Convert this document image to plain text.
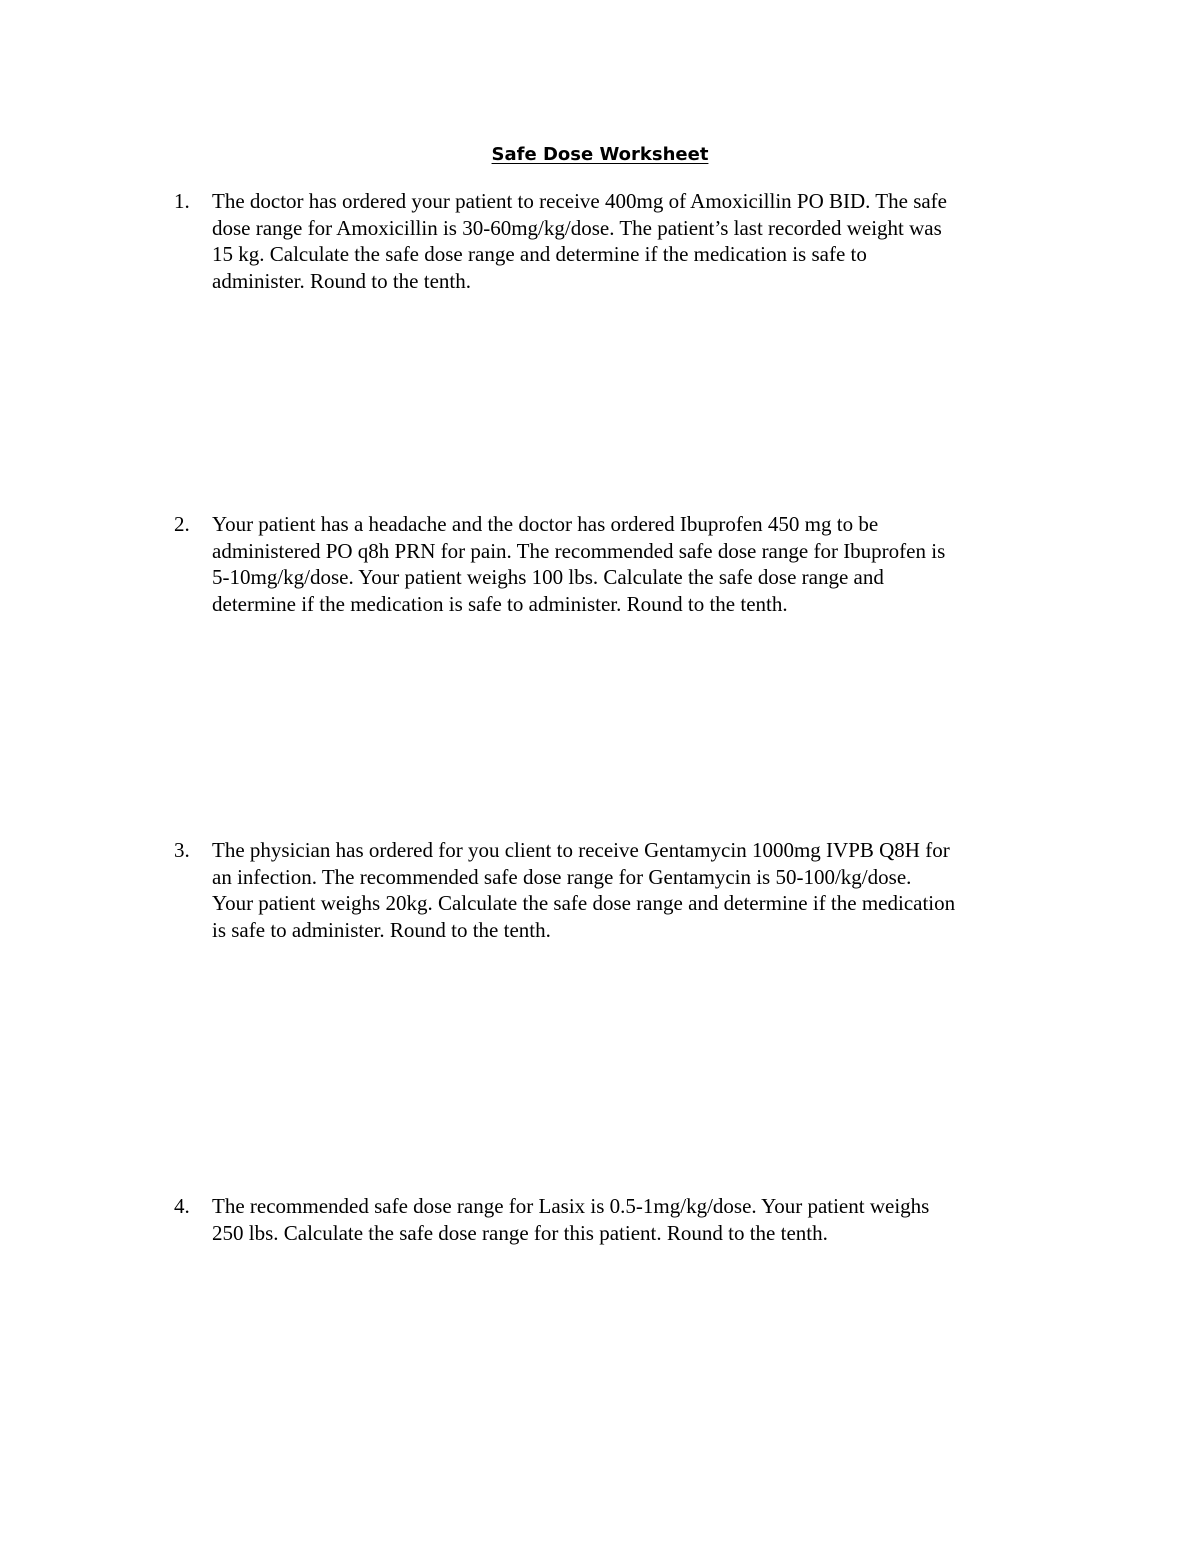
Safe Dose Worksheet
1.	The doctor has ordered your patient to receive 400mg of Amoxicillin PO BID. The safe
dose range for Amoxicillin is 30-60mg/kg/dose. The patient’s last recorded weight was
15 kg. Calculate the safe dose range and determine if the medication is safe to
administer. Round to the tenth.
2.	Your patient has a headache and the doctor has ordered Ibuprofen 450 mg to be
administered PO q8h PRN for pain. The recommended safe dose range for Ibuprofen is
5-10mg/kg/dose. Your patient weighs 100 lbs. Calculate the safe dose range and
determine if the medication is safe to administer. Round to the tenth.
3.	The physician has ordered for you client to receive Gentamycin 1000mg IVPB Q8H for
an infection. The recommended safe dose range for Gentamycin is 50-100/kg/dose.
Your patient weighs 20kg. Calculate the safe dose range and determine if the medication
is safe to administer. Round to the tenth.
4.	The recommended safe dose range for Lasix is 0.5-1mg/kg/dose. Your patient weighs
250 lbs. Calculate the safe dose range for this patient. Round to the tenth.
